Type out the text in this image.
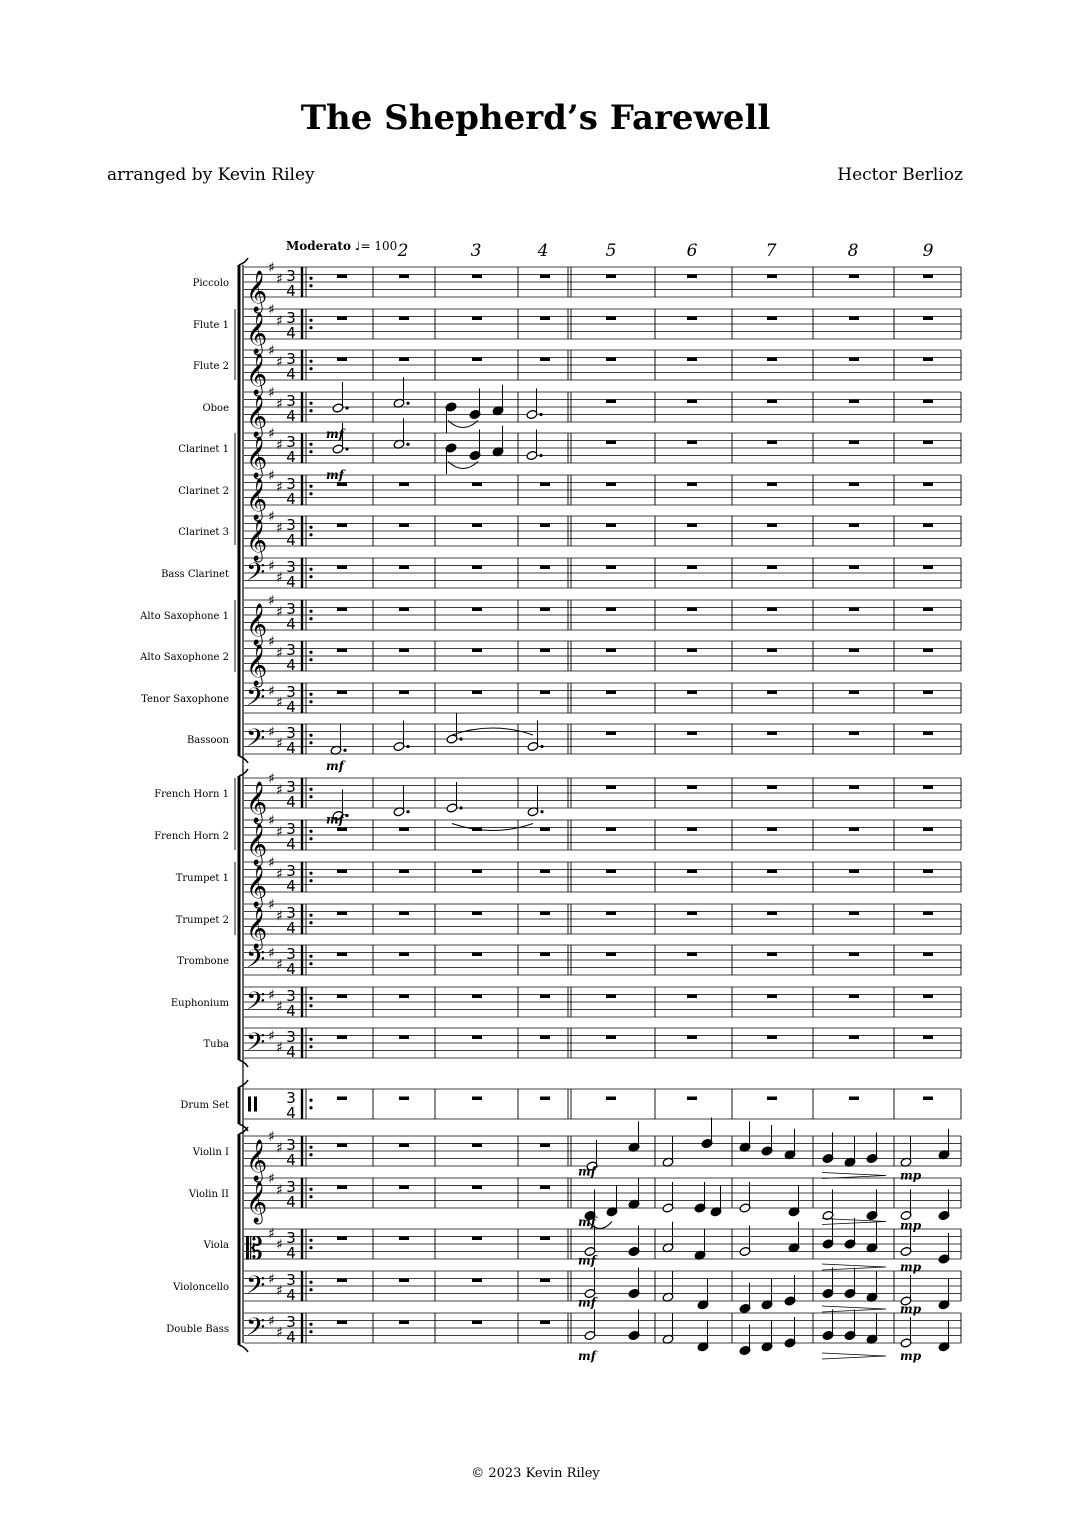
The Shepherd’s Farewell
arranged by Kevin Riley	Hector Berlioz
Moderato ♩= 100
Piccolo 𝄞
♯
♯ 3
4
Flute 1 𝄞
♯
♯ 3
4
Flute 2 𝄞
♯
♯ 3
4
Oboe 𝄞
♯
♯ 3
4
Clarinet 1 𝄞
♯
♯ 3
4
Clarinet 2 𝄞
♯
♯ 3
4
Clarinet 3 𝄞
♯
♯ 3
4
Bass Clarinet 𝄢 ♯
♯
3
4
Alto Saxophone 1 𝄞
♯
♯ 3
4
Alto Saxophone 2 𝄞
♯
♯ 3
4
Tenor Saxophone 𝄢 ♯
♯
3
4
Bassoon 𝄢 ♯
♯
3
4
French Horn 1 𝄞
♯
♯ 3
4
French Horn 2 𝄞
♯
♯ 3
4
Trumpet 1 𝄞
♯
♯ 3
4
Trumpet 2 𝄞
♯
♯ 3
4
Trombone 𝄢 ♯
♯
3
4
Euphonium 𝄢 ♯
♯
3
4
Tuba 𝄢 ♯
♯
3
4
Drum Set	3
4
Violin I 𝄞
♯
♯ 3
4
Violin II 𝄞
♯
♯ 3
4
Viola 𝄡 ♯
♯ 3
4
Violoncello 𝄢 ♯
♯
3
4
Double Bass 𝄢 ♯
♯
3
4
2	3	4	5	6	7	8	9
mf
mf
mf
mf
mf	mp
mf	mp
mf	mp
mf	mp
mf	mp
© 2023 Kevin Riley
